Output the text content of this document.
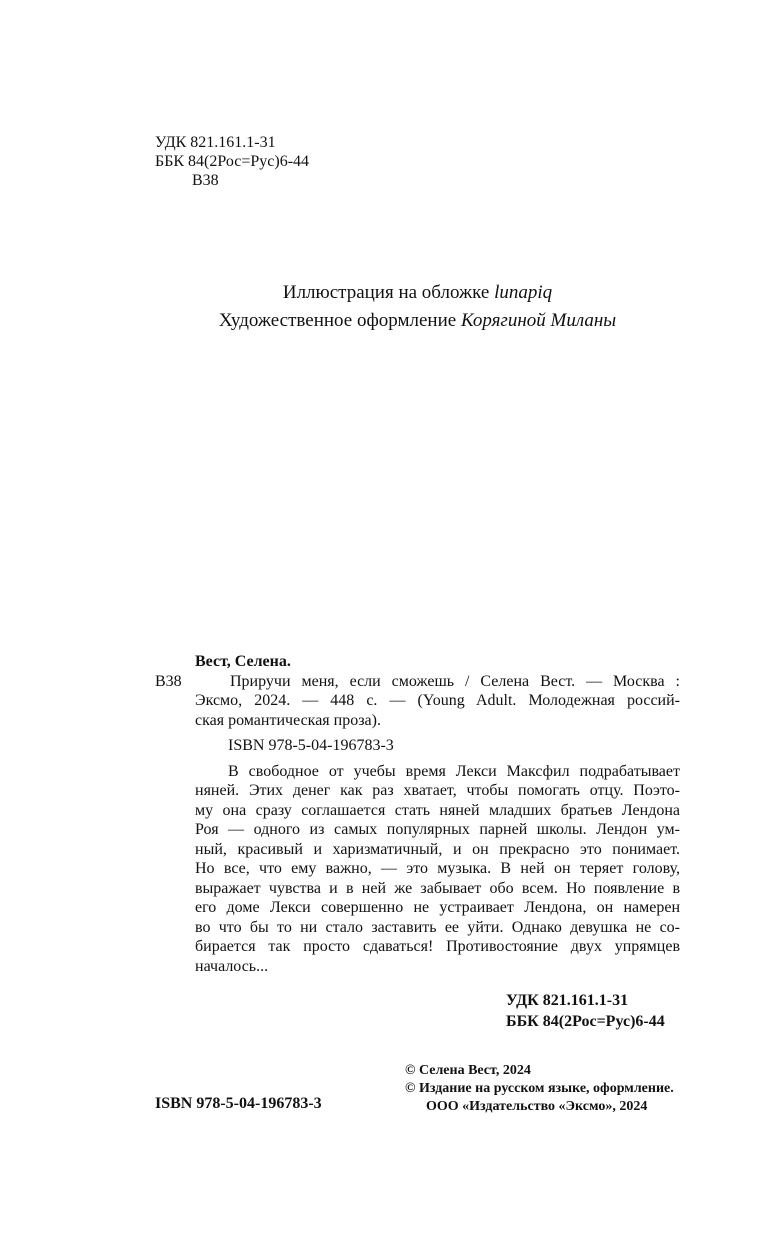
УДК 821.161.1-31
ББК 84(2Рос=Рус)6-44
В38
Иллюстрация на обложке lunapiq
Художественное оформление Корягиной Миланы
Вест, Селена.
В38	Приручи меня, если сможешь / Селена Вест. — Москва :
Эксмо, 2024. — 448 с. — (Young Adult. Молодежная россий-
ская романтическая проза).
ISBN 978-5-04-196783-3
В свободное от учебы время Лекси Максфил подрабатывает
няней. Этих денег как раз хватает, чтобы помогать отцу. Поэто-
му она сразу соглашается стать няней младших братьев Лендона
Роя — одного из самых популярных парней школы. Лендон ум-
ный, красивый и харизматичный, и он прекрасно это понимает.
Но все, что ему важно, — это музыка. В ней он теряет голову,
выражает чувства и в ней же забывает обо всем. Но появление в
его доме Лекси совершенно не устраивает Лендона, он намерен
во что бы то ни стало заставить ее уйти. Однако девушка не со-
бирается так просто сдаваться! Противостояние двух упрямцев
началось...
УДК 821.161.1-31
ББК 84(2Рос=Рус)6-44
© Селена Вест, 2024
© Издание на русском языке, оформление.
ООО «Издательство «Эксмо», 2024
ISBN 978-5-04-196783-3
